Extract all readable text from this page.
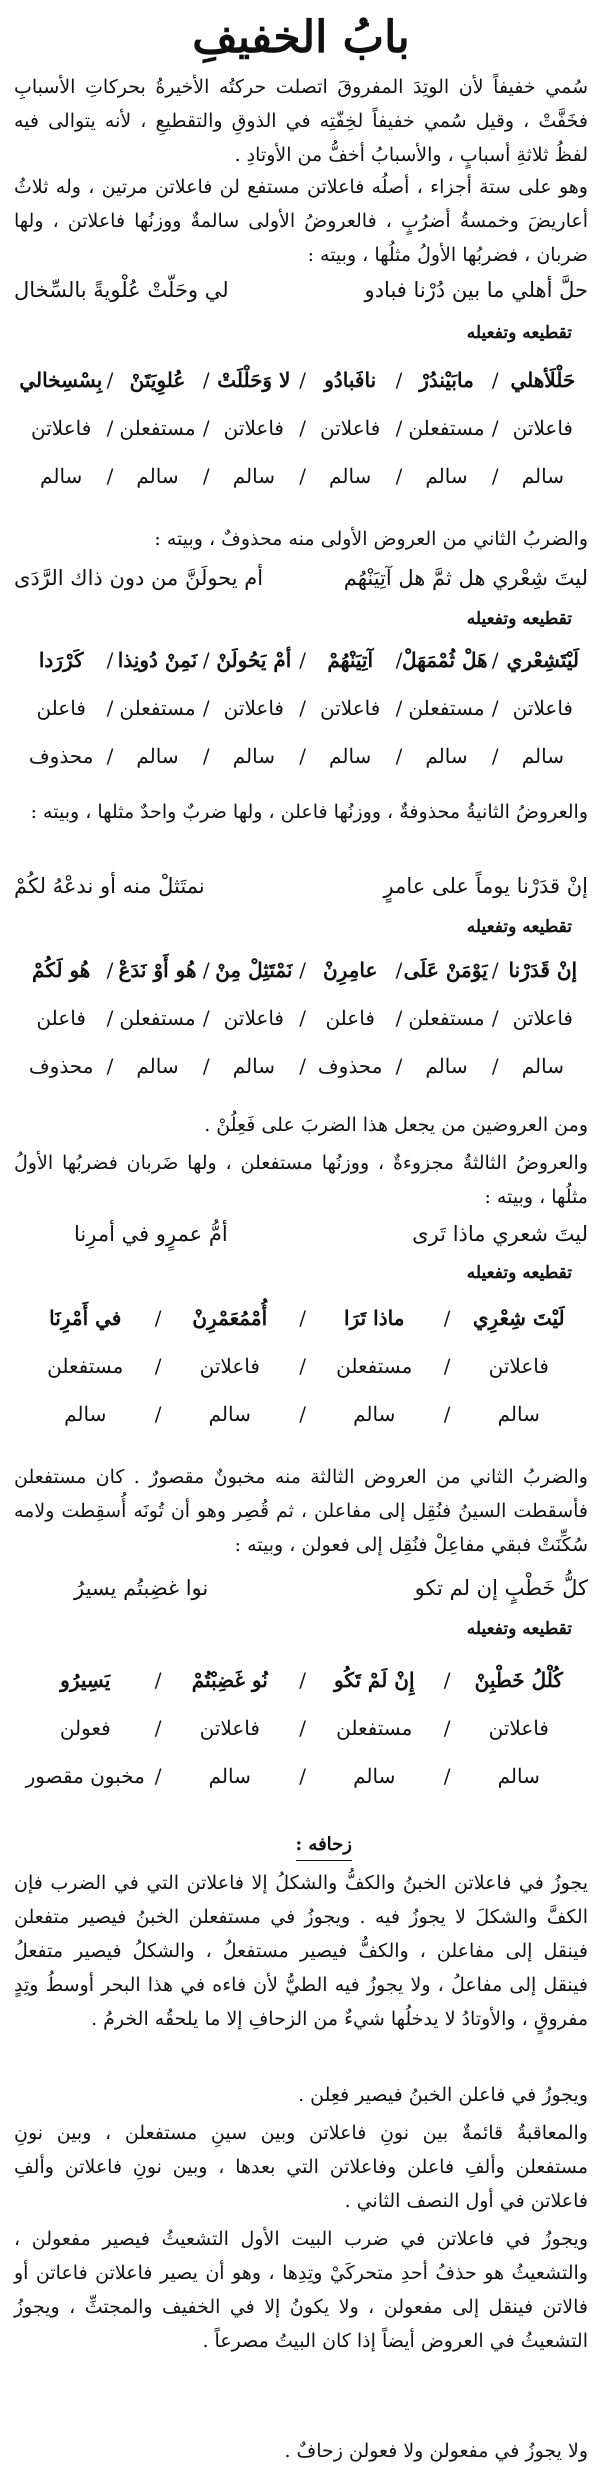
بابُ الخفيفِ
سُمي خفيفاً لأن الوتِدَ المفروقَ اتصلت حركتُه الأخيرةُ بحركاتِ الأسبابِ فخَفَّتْ ، وقيل سُمي خفيفاً لخِفّتِه في الذوقِ والتقطيعِ ، لأنه يتوالى فيه لفظُ ثلاثةِ أسبابٍ ، والأسبابُ أخفُّ من الأوتادِ .
وهو على ستة أجزاء ، أصلُه فاعلاتن مستفع لن فاعلاتن مرتين ، وله ثلاثُ أعاريضَ وخمسةُ أضرُبٍ ، فالعروضُ الأولى سالمةٌ ووزنُها فاعلاتن ، ولها ضربان ، فضربُها الأولُ مثلُها ، وبيته :
حلَّ أهلي ما بين دُرْنا فبادو
لي وحَلّتْ عُلْويةً بالسِّخال
تقطيعه وتفعيله
حَلْلَأهلي
/
مابَيْندُرْ
/
نافَبادُو
/
لا وَحَلْلَتْ
/
عُلوِيَتَنْ
/
بِسْسِخالي
فاعلاتن
/
مستفعلن
/
فاعلاتن
/
فاعلاتن
/
مستفعلن
/
فاعلاتن
سالم
/
سالم
/
سالم
/
سالم
/
سالم
/
سالم
والضربُ الثاني من العروض الأولى منه محذوفٌ ، وبيته :
ليتَ شِعْري هل ثمَّ هل آتِيَنْهُم
أم يحولَنَّ من دون ذاك الرَّدَى
تقطيعه وتفعيله
لَيْتَشِعْري
/
هَلْ ثُمْمَهَلْ
/
آتِيَنْهُمْ
/
أمْ يَحُولَنْ
/
نَمِنْ دُونِذا
/
كَرْرَدا
فاعلاتن
/
مستفعلن
/
فاعلاتن
/
فاعلاتن
/
مستفعلن
/
فاعلن
سالم
/
سالم
/
سالم
/
سالم
/
سالم
/
محذوف
والعروضُ الثانيةُ محذوفةٌ ، ووزنُها فاعلن ، ولها ضربٌ واحدٌ مثلها ، وبيته :
إنْ قدَرْنا يوماً على عامرٍ
نمتَثلْ منه أو ندعْهُ لكُمْ
تقطيعه وتفعيله
إنْ قَدَرْنا
/
يَوْمَنْ عَلَى
/
عامِرِنْ
/
نَمْتَثِلْ مِنْ
/
هُو أَوْ نَدَعْ
/
هُو لَكُمْ
فاعلاتن
/
مستفعلن
/
فاعلن
/
فاعلاتن
/
مستفعلن
/
فاعلن
سالم
/
سالم
/
محذوف
/
سالم
/
سالم
/
محذوف
ومن العروضين من يجعل هذا الضربَ على فَعِلُنْ .
والعروضُ الثالثةُ مجزوءةٌ ، ووزنُها مستفعلن ، ولها ضَربان فضربُها الأولُ مثلُها ، وبيته :
ليتَ شعري ماذا تَرى
أمُّ عمرٍو في أمرِنا
تقطيعه وتفعيله
لَيْتَ شِعْرِي
/
ماذا تَرَا
/
أُمْمُعَمْرِنْ
/
في أَمْرِنَا
فاعلاتن
/
مستفعلن
/
فاعلاتن
/
مستفعلن
سالم
/
سالم
/
سالم
/
سالم
والضربُ الثاني من العروض الثالثة منه مخبونٌ مقصورٌ . كان مستفعلن فأسقطت السينُ فنُقِل إلى مفاعلن ، ثم قُصِر وهو أن تُونَه أُسقِطت ولامه سُكِّنَتْ فبقي مفاعِلْ فنُقِل إلى فعولن ، وبيته :
كلُّ خَطْبٍ إن لم تكو
نوا غضِبتُم يسيرُ
تقطيعه وتفعيله
كُلْلُ خَطْبِنْ
/
إِنْ لَمْ تَكُو
/
نُو غَضِبْتُمْ
/
يَسِيرُو
فاعلاتن
/
مستفعلن
/
فاعلاتن
/
فعولن
سالم
/
سالم
/
سالم
/
مخبون مقصور
زحافه :
يجوزُ في فاعلاتن الخبنُ والكفُّ والشكلُ إلا فاعلاتن التي في الضرب فإن الكفَّ والشكلَ لا يجوزُ فيه . ويجوزُ في مستفعلن الخبنُ فيصير متفعلن فينقل إلى مفاعلن ، والكفُّ فيصير مستفعلُ ، والشكلُ فيصير متفعلُ فينقل إلى مفاعلُ ، ولا يجوزُ فيه الطيُّ لأن فاءه في هذا البحر أوسطُ وتِدٍ مفروقٍ ، والأوتادُ لا يدخلُها شيءٌ من الزحافِ إلا ما يلحقُه الخرمُ .
ويجوزُ في فاعلن الخبنُ فيصير فعِلن .
والمعاقبةُ قائمةٌ بين نونِ فاعلاتن وبين سينِ مستفعلن ، وبين نونِ مستفعلن وألفِ فاعلن وفاعلاتن التي بعدها ، وبين نونِ فاعلاتن وألفِ فاعلاتن في أول النصف الثاني .
ويجوزُ في فاعلاتن في ضرب البيت الأول التشعيثُ فيصير مفعولن ، والتشعيثُ هو حذفُ أحدِ متحركَيْ وتِدِها ، وهو أن يصير فاعلاتن فاعاتن أو فالاتن فينقل إلى مفعولن ، ولا يكونُ إلا في الخفيف والمجتثِّ ، ويجوزُ التشعيثُ في العروض أيضاً إذا كان البيتُ مصرعاً .
ولا يجوزُ في مفعولن ولا فعولن زحافٌ .
